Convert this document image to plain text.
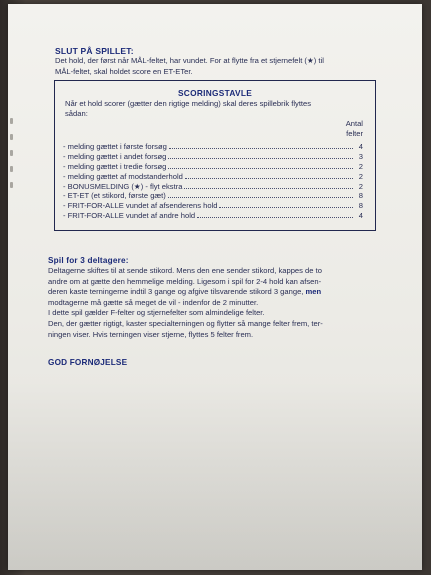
SLUT PÅ SPILLET:

Det hold, der først når MÅL-feltet, har vundet. For at flytte fra et stjernefelt (★) til

MÅL-feltet, skal holdet score en ET-ETer.

SCORINGSTAVLE

Når et hold scorer (gætter den rigtige melding) skal deres spillebrik flyttes

sådan:

Antal

felter

- melding gættet i første forsøg	4
- melding gættet i andet forsøg	3
- melding gættet i tredie forsøg	2
- melding gættet af modstanderhold	2
- BONUSMELDING (★) - flyt ekstra	2
- ET-ET (et stikord, første gæt)	8
- FRIT-FOR-ALLE vundet af afsenderens hold	8
- FRIT-FOR-ALLE vundet af andre hold	4
Spil for 3 deltagere:

Deltagerne skiftes til at sende stikord. Mens den ene sender stikord, kappes de to

andre om at gætte den hemmelige melding. Ligesom i spil for 2-4 hold kan afsen-

deren kaste terningerne indtil 3 gange og afgive tilsvarende stikord 3 gange, men

modtagerne må gætte så meget de vil - indenfor de 2 minutter.

I dette spil gælder F-felter og stjernefelter som almindelige felter.

Den, der gætter rigtigt, kaster specialterningen og flytter så mange felter frem, ter-

ningen viser. Hvis terningen viser stjerne, flyttes 5 felter frem.

GOD FORNØJELSE
